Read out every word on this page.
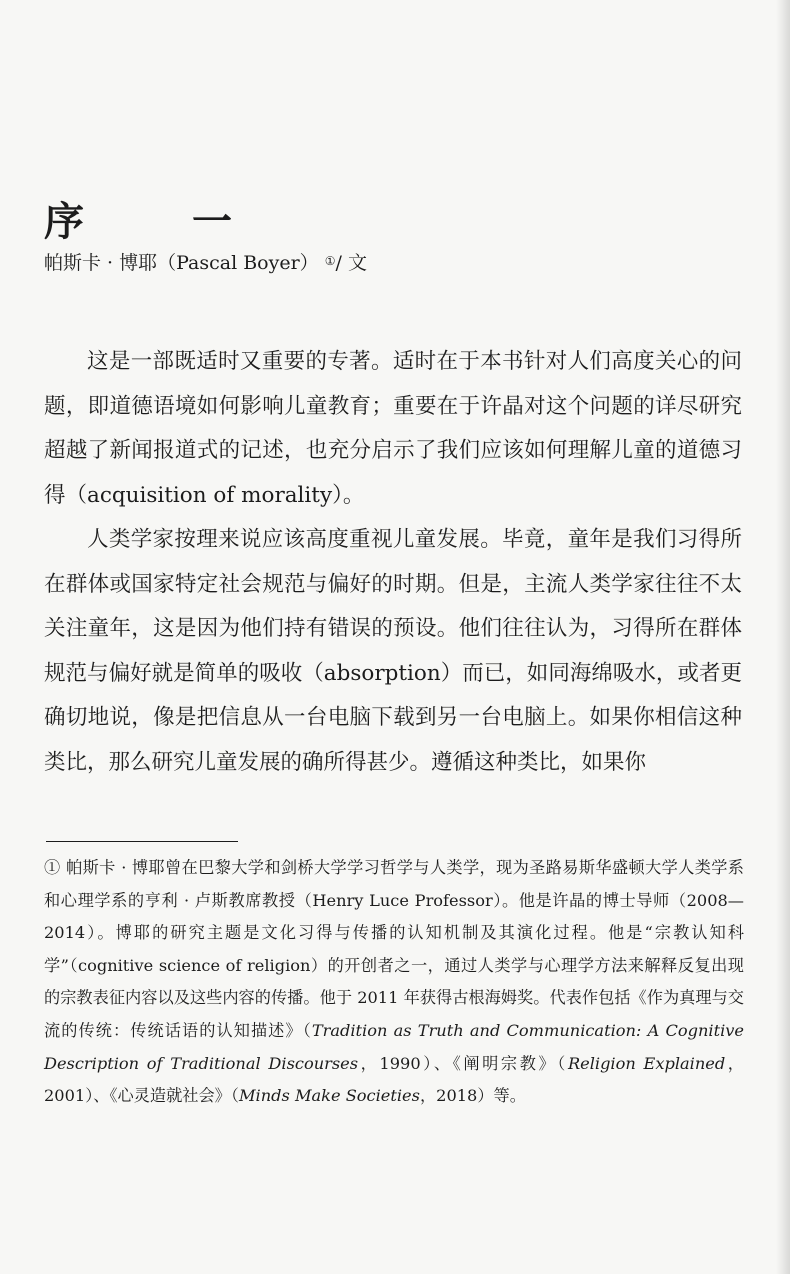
序　一
帕斯卡 · 博耶（Pascal Boyer） ①/ 文

这是一部既适时又重要的专著。适时在于本书针对人们高度关心的问题，即道德语境如何影响儿童教育；重要在于许晶对这个问题的详尽研究超越了新闻报道式的记述，也充分启示了我们应该如何理解儿童的道德习得（acquisition of morality）。

人类学家按理来说应该高度重视儿童发展。毕竟，童年是我们习得所在群体或国家特定社会规范与偏好的时期。但是，主流人类学家往往不太关注童年，这是因为他们持有错误的预设。他们往往认为，习得所在群体规范与偏好就是简单的吸收（absorption）而已，如同海绵吸水，或者更确切地说，像是把信息从一台电脑下载到另一台电脑上。如果你相信这种类比，那么研究儿童发展的确所得甚少。遵循这种类比，如果你

① 帕斯卡 · 博耶曾在巴黎大学和剑桥大学学习哲学与人类学，现为圣路易斯华盛顿大学人类学系和心理学系的亨利 · 卢斯教席教授（Henry Luce Professor）。他是许晶的博士导师（2008—2014）。博耶的研究主题是文化习得与传播的认知机制及其演化过程。他是“宗教认知科学”（cognitive science of religion）的开创者之一，通过人类学与心理学方法来解释反复出现的宗教表征内容以及这些内容的传播。他于 2011 年获得古根海姆奖。代表作包括《作为真理与交流的传统：传统话语的认知描述》（Tradition as Truth and Communication: A Cognitive Description of Traditional Discourses，1990）、《阐明宗教》（Religion Explained，2001）、《心灵造就社会》（Minds Make Societies，2018）等。
